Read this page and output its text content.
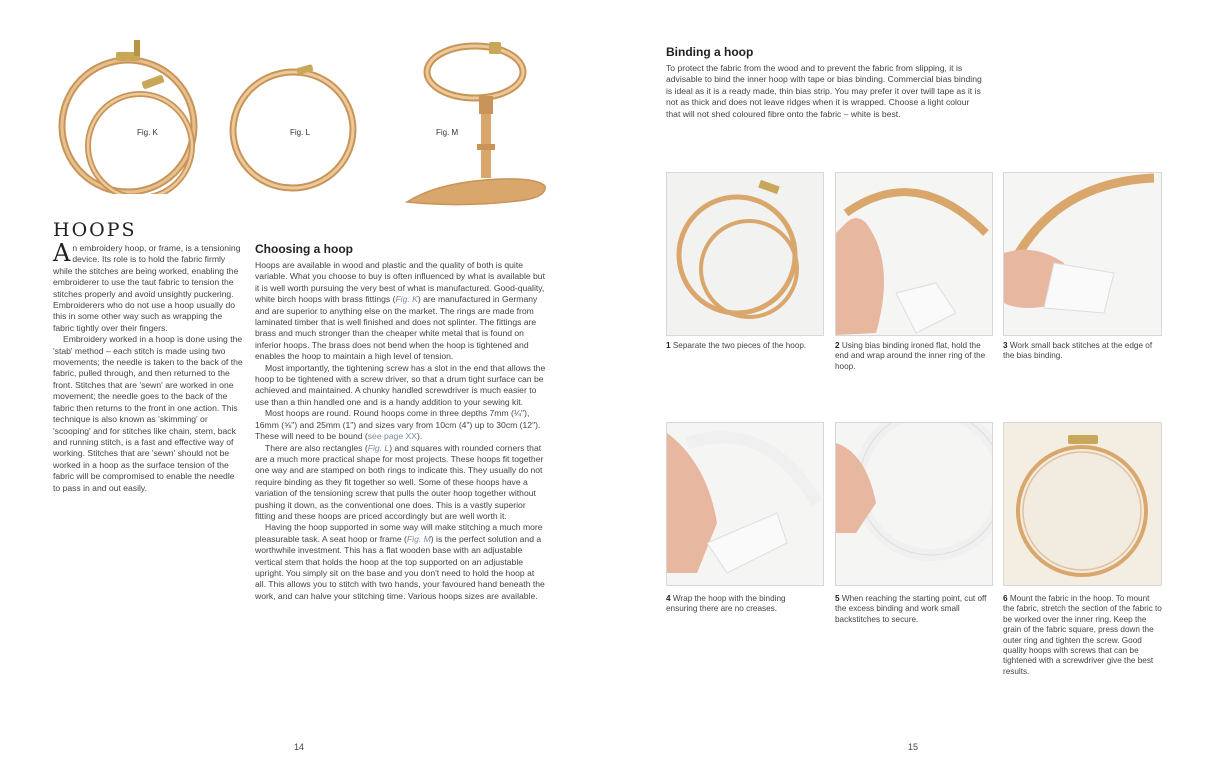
Fig. K	Fig. L	Fig. M
HOOPS

An embroidery hoop, or frame, is a tensioning device. Its role is to hold the fabric firmly while the stitches are being worked, enabling the embroiderer to use the taut fabric to tension the stitches properly and avoid unsightly puckering. Embroiderers who do not use a hoop usually do this in some other way such as wrapping the fabric tightly over their fingers.

Embroidery worked in a hoop is done using the 'stab' method – each stitch is made using two movements; the needle is taken to the back of the fabric, pulled through, and then returned to the front. Stitches that are 'sewn' are worked in one movement; the needle goes to the back of the fabric then returns to the front in one action. This technique is also known as 'skimming' or 'scooping' and for stitches like chain, stem, back and running stitch, is a fast and effective way of working. Stitches that are 'sewn' should not be worked in a hoop as the surface tension of the fabric will be compromised to enable the needle to pass in and out easily.

Choosing a hoop

Hoops are available in wood and plastic and the quality of both is quite variable. What you choose to buy is often influenced by what is available but it is well worth pursuing the very best of what is manufactured. Good-quality, white birch hoops with brass fittings (Fig. K) are manufactured in Germany and are superior to anything else on the market. The rings are made from laminated timber that is well finished and does not splinter. The fittings are brass and much stronger than the cheaper white metal that is found on inferior hoops. The brass does not bend when the hoop is tightened and enables the hoop to maintain a high level of tension.

Most importantly, the tightening screw has a slot in the end that allows the hoop to be tightened with a screw driver, so that a drum tight surface can be achieved and maintained. A chunky handled screwdriver is much easier to use than a thin handled one and is a handy addition to your sewing kit.

Most hoops are round. Round hoops come in three depths 7mm (¼"), 16mm (⅝") and 25mm (1") and sizes vary from 10cm (4") up to 30cm (12"). These will need to be bound (see page XX).

There are also rectangles (Fig. L) and squares with rounded corners that are a much more practical shape for most projects. These hoops fit together one way and are stamped on both rings to indicate this. They usually do not require binding as they fit together so well. Some of these hoops have a variation of the tensioning screw that pulls the outer hoop together without pushing it down, as the conventional one does. This is a vastly superior fitting and these hoops are priced accordingly but are well worth it.

Having the hoop supported in some way will make stitching a much more pleasurable task. A seat hoop or frame (Fig. M) is the perfect solution and a worthwhile investment. This has a flat wooden base with an adjustable vertical stem that holds the hoop at the top supported on an adjustable upright. You simply sit on the base and you don't need to hold the hoop at all. This allows you to stitch with two hands, your favoured hand beneath the work, and can halve your stitching time. Various hoops sizes are available.

14
Binding a hoop
To protect the fabric from the wood and to prevent the fabric from slipping, it is advisable to bind the inner hoop with tape or bias binding. Commercial bias binding is ideal as it is a ready made, thin bias strip. You may prefer it over twill tape as it is not as thick and does not leave ridges when it is wrapped. Choose a light colour that will not shed coloured fibre onto the fabric – white is best.
1 Separate the two pieces of the hoop.	2 Using bias binding ironed flat, hold the end and wrap around the inner ring of the hoop.
3 Work small back stitches at the edge of the bias binding.
4 Wrap the hoop with the binding ensuring there are no creases.
5 When reaching the starting point, cut off the excess binding and work small backstitches to secure.
6 Mount the fabric in the hoop. To mount the fabric, stretch the section of the fabric to be worked over the inner ring. Keep the grain of the fabric square, press down the outer ring and tighten the screw. Good quality hoops with screws that can be tightened with a screwdriver give the best results.
15
